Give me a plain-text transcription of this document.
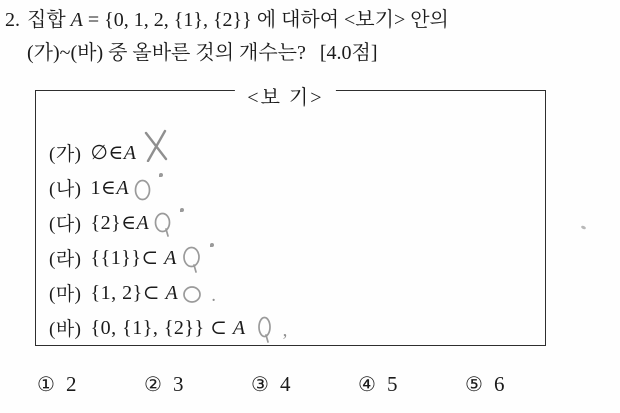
2. 집합 A = {0, 1, 2, {1}, {2}} 에 대하여 <보기> 안의
(가)~(바) 중 올바른 것의 개수는? [4.0점]
<보 기>
(가) ∅∈A
(나) 1∈A
(다) {2}∈A
(라) {{1}}⊂ A
(마) {1, 2}⊂ A .
(바) {0, {1}, {2}} ⊂ A ,
① 2	② 3	③ 4	④ 5	⑤ 6
